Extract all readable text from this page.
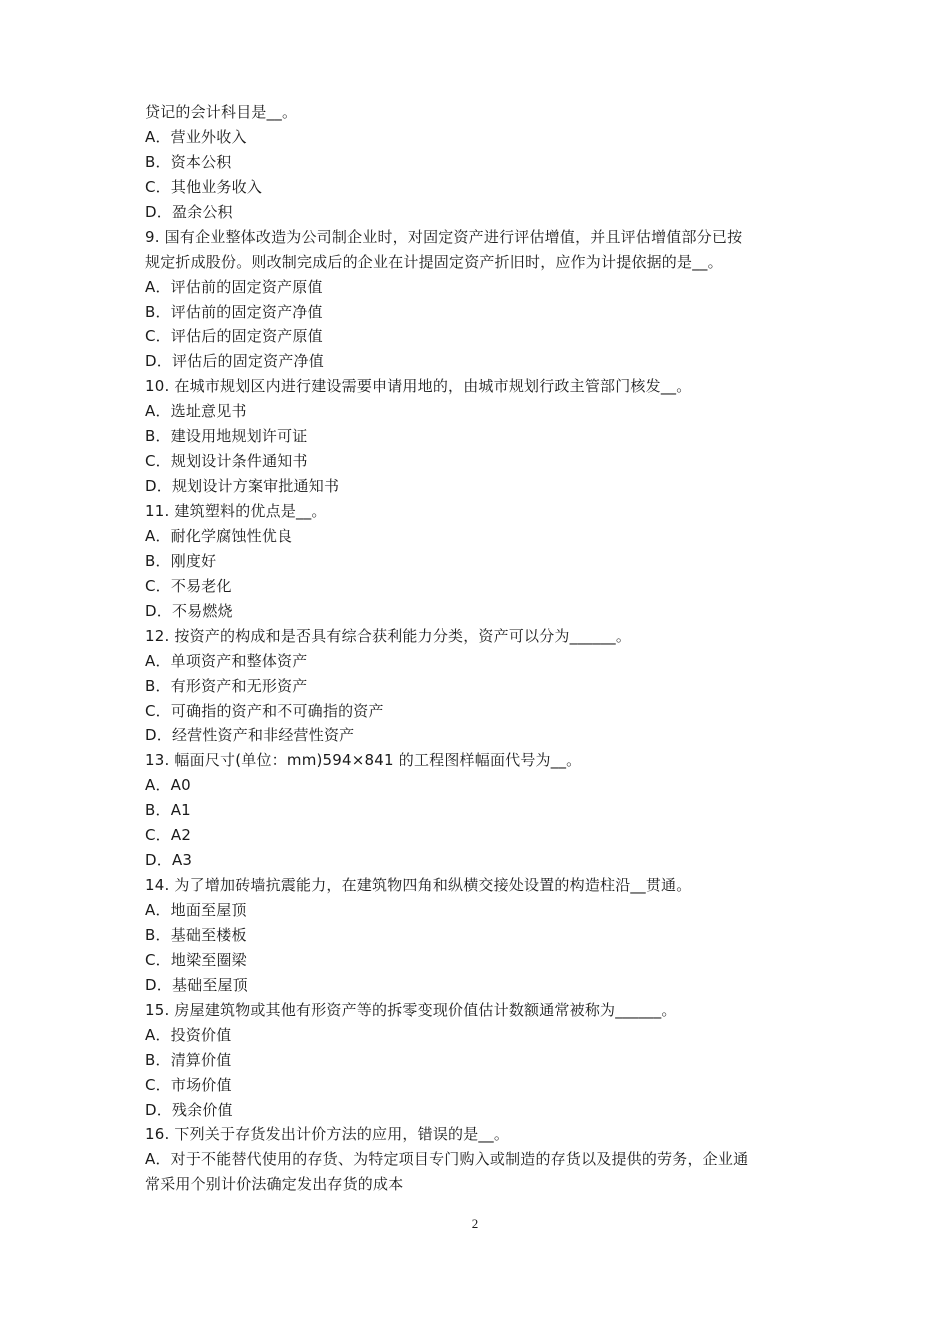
贷记的会计科目是__。
A．营业外收入
B．资本公积
C．其他业务收入
D．盈余公积
9. 国有企业整体改造为公司制企业时，对固定资产进行评估增值，并且评估增值部分已按
规定折成股份。则改制完成后的企业在计提固定资产折旧时，应作为计提依据的是__。
A．评估前的固定资产原值
B．评估前的固定资产净值
C．评估后的固定资产原值
D．评估后的固定资产净值
10. 在城市规划区内进行建设需要申请用地的，由城市规划行政主管部门核发__。
A．选址意见书
B．建设用地规划许可证
C．规划设计条件通知书
D．规划设计方案审批通知书
11. 建筑塑料的优点是__。
A．耐化学腐蚀性优良
B．刚度好
C．不易老化
D．不易燃烧
12. 按资产的构成和是否具有综合获利能力分类，资产可以分为______。
A．单项资产和整体资产
B．有形资产和无形资产
C．可确指的资产和不可确指的资产
D．经营性资产和非经营性资产
13. 幅面尺寸(单位：mm)594×841 的工程图样幅面代号为__。
A．A0
B．A1
C．A2
D．A3
14. 为了增加砖墙抗震能力，在建筑物四角和纵横交接处设置的构造柱沿__贯通。
A．地面至屋顶
B．基础至楼板
C．地梁至圈梁
D．基础至屋顶
15. 房屋建筑物或其他有形资产等的拆零变现价值估计数额通常被称为______。
A．投资价值
B．清算价值
C．市场价值
D．残余价值
16. 下列关于存货发出计价方法的应用，错误的是__。
A．对于不能替代使用的存货、为特定项目专门购入或制造的存货以及提供的劳务，企业通
常采用个别计价法确定发出存货的成本
2
